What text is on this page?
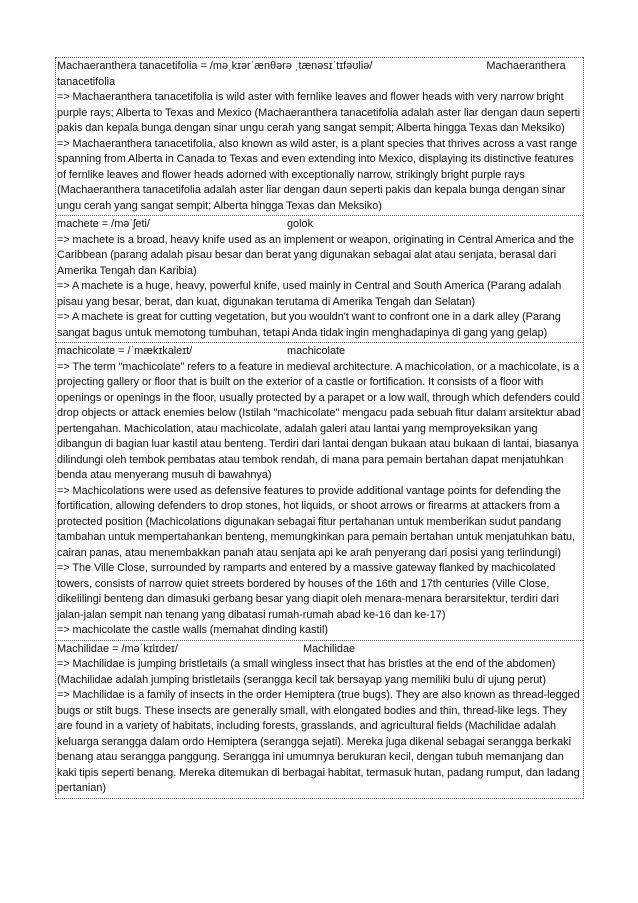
Machaeranthera tanacetifolia = /məˌkɪərˈænθərə ˌtænəsɪˈtɪfəʊliə/	Machaeranthera tanacetifolia

=> Machaeranthera tanacetifolia is wild aster with fernlike leaves and flower heads with very narrow bright purple rays; Alberta to Texas and Mexico (Machaeranthera tanacetifolia adalah aster liar dengan daun seperti pakis dan kepala bunga dengan sinar ungu cerah yang sangat sempit; Alberta hingga Texas dan Meksiko)

=> Machaeranthera tanacetifolia, also known as wild aster, is a plant species that thrives across a vast range spanning from Alberta in Canada to Texas and even extending into Mexico, displaying its distinctive features of fernlike leaves and flower heads adorned with exceptionally narrow, strikingly bright purple rays (Machaeranthera tanacetifolia adalah aster liar dengan daun seperti pakis dan kepala bunga dengan sinar ungu cerah yang sangat sempit; Alberta hingga Texas dan Meksiko)

machete = /məˈʃeti/	golok

=> machete is a broad, heavy knife used as an implement or weapon, originating in Central America and the Caribbean (parang adalah pisau besar dan berat yang digunakan sebagai alat atau senjata, berasal dari Amerika Tengah dan Karibia)

=> A machete is a huge, heavy, powerful knife, used mainly in Central and South America (Parang adalah pisau yang besar, berat, dan kuat, digunakan terutama di Amerika Tengah dan Selatan)

=> A machete is great for cutting vegetation, but you wouldn't want to confront one in a dark alley (Parang sangat bagus untuk memotong tumbuhan, tetapi Anda tidak ingin menghadapinya di gang yang gelap)

machicolate = /ˈmækɪkaleɪt/	machicolate

=> The term "machicolate" refers to a feature in medieval architecture. A machicolation, or a machicolate, is a projecting gallery or floor that is built on the exterior of a castle or fortification. It consists of a floor with openings or openings in the floor, usually protected by a parapet or a low wall, through which defenders could drop objects or attack enemies below (Istilah "machicolate" mengacu pada sebuah fitur dalam arsitektur abad pertengahan. Machicolation, atau machicolate, adalah galeri atau lantai yang memproyeksikan yang dibangun di bagian luar kastil atau benteng. Terdiri dari lantai dengan bukaan atau bukaan di lantai, biasanya dilindungi oleh tembok pembatas atau tembok rendah, di mana para pemain bertahan dapat menjatuhkan benda atau menyerang musuh di bawahnya)

=> Machicolations were used as defensive features to provide additional vantage points for defending the fortification, allowing defenders to drop stones, hot liquids, or shoot arrows or firearms at attackers from a protected position (Machicolations digunakan sebagai fitur pertahanan untuk memberikan sudut pandang tambahan untuk mempertahankan benteng, memungkinkan para pemain bertahan untuk menjatuhkan batu, cairan panas, atau menembakkan panah atau senjata api ke arah penyerang dari posisi yang terlindungi)

=> The Ville Close, surrounded by ramparts and entered by a massive gateway flanked by machicolated towers, consists of narrow quiet streets bordered by houses of the 16th and 17th centuries (Ville Close, dikelilingi benteng dan dimasuki gerbang besar yang diapit oleh menara-menara berarsitektur, terdiri dari jalan-jalan sempit nan tenang yang dibatasi rumah-rumah abad ke-16 dan ke-17)

=> machicolate the castle walls (memahat dinding kastil)

Machilidae = /məˈkɪlɪdeɪ/	Machilidae

=> Machilidae is jumping bristletails (a small wingless insect that has bristles at the end of the abdomen) (Machilidae adalah jumping bristletails (serangga kecil tak bersayap yang memiliki bulu di ujung perut)

=> Machilidae is a family of insects in the order Hemiptera (true bugs). They are also known as thread-legged bugs or stilt bugs. These insects are generally small, with elongated bodies and thin, thread-like legs. They are found in a variety of habitats, including forests, grasslands, and agricultural fields (Machilidae adalah keluarga serangga dalam ordo Hemiptera (serangga sejati). Mereka juga dikenal sebagai serangga berkaki benang atau serangga panggung. Serangga ini umumnya berukuran kecil, dengan tubuh memanjang dan kaki tipis seperti benang. Mereka ditemukan di berbagai habitat, termasuk hutan, padang rumput, dan ladang pertanian)
